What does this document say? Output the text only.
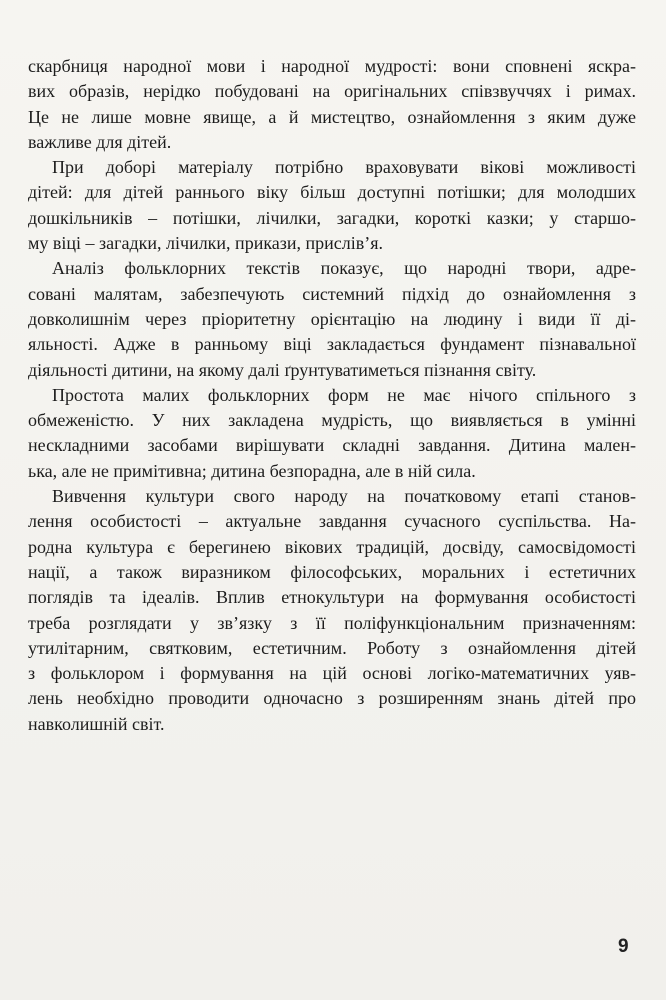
скарбниця народної мови і народної мудрості: вони сповнені яскра-
вих образів, нерідко побудовані на оригінальних співзвуччях і римах.
Це не лише мовне явище, а й мистецтво, ознайомлення з яким дуже
важливе для дітей.
При доборі матеріалу потрібно враховувати вікові можливості
дітей: для дітей раннього віку більш доступні потішки; для молодших
дошкільників – потішки, лічилки, загадки, короткі казки; у старшо-
му віці – загадки, лічилки, прикази, прислів’я.
Аналіз фольклорних текстів показує, що народні твори, адре-
совані малятам, забезпечують системний підхід до ознайомлення з
довколишнім через пріоритетну орієнтацію на людину і види її ді-
яльності. Адже в ранньому віці закладається фундамент пізнавальної
діяльності дитини, на якому далі ґрунтуватиметься пізнання світу.
Простота малих фольклорних форм не має нічого спільного з
обмеженістю. У них закладена мудрість, що виявляється в умінні
нескладними засобами вирішувати складні завдання. Дитина мален-
ька, але не примітивна; дитина безпорадна, але в ній сила.
Вивчення культури свого народу на початковому етапі станов-
лення особистості – актуальне завдання сучасного суспільства. На-
родна культура є берегинею вікових традицій, досвіду, самосвідомості
нації, а також виразником філософських, моральних і естетичних
поглядів та ідеалів. Вплив етнокультури на формування особистості
треба розглядати у зв’язку з її поліфункціональним призначенням:
утилітарним, святковим, естетичним. Роботу з ознайомлення дітей
з фольклором і формування на цій основі логіко-математичних уяв-
лень необхідно проводити одночасно з розширенням знань дітей про
навколишній світ.
9
